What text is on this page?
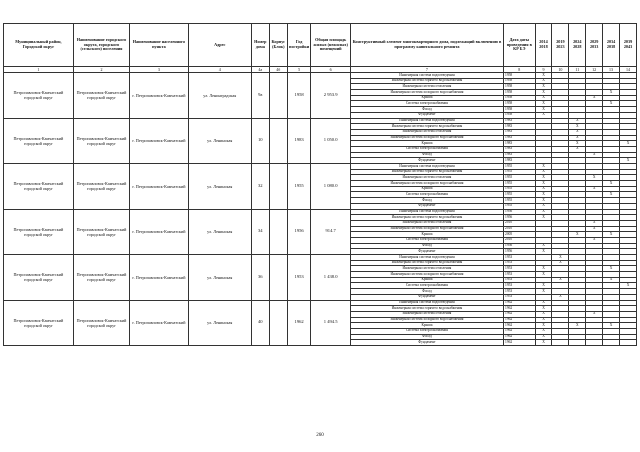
Муниципальный район, Городской округ	Наименование городского округа, городского (сельского) поселения	Наименование населенного пункта	Адрес	Номер дома	Корпус (Блок)	Год постройки	Общая площадь жилых (нежилых) помещений	Конструктивный элемент многоквартирного дома, подлежащий включению в программу капитального ремонта	Дата даты проведения в КР БЭ	2014 2018	2019 2023	2024 2028	2029 2033	2034 2038	2039 2043
1	2	3	4	4а	4б	5	6	7	8	9	10	11	12	13	14
Петропавловск-Камчатский городской округ	Петропавловск-Камчатский городской округ	г. Петропавловск-Камчатский	ул. Ленинградская	9а		1958	2 953.9	Инженерная система водоотведения	1958	X					
								Инженерная система горячего водоснабжения	1958	X					
								Инженерная система отопления	1958	X					
								Инженерная система холодного водоснабжения	1958	X				X	
								Крыша	1958	X			X		
								Система электроснабжения	1958	X				X	
								Фасад	1958	X					
								Фундамент	1958	X					
Петропавловск-Камчатский городской округ	Петропавловск-Камчатский городской округ	г. Петропавловск-Камчатский	ул. Ленинская	10		1983	1 050.0	Инженерная система водоотведения	1983			X			
								Инженерная система горячего водоснабжения	1983			X			
								Инженерная система отопления	1983			X			
								Инженерная система холодного водоснабжения	1983			X			
								Крыша	1983			X			X
								Система электроснабжения	1983			X			
								Фасад	1983				X		
								Фундамент	1983						X
Петропавловск-Камчатский городской округ	Петропавловск-Камчатский городской округ	г. Петропавловск-Камчатский	ул. Ленинская	32		1955	1 080.0	Инженерная система водоотведения	1955	X					
								Инженерная система горячего водоснабжения	1955	X					
								Инженерная система отопления	1955	X			X		
								Инженерная система холодного водоснабжения	1955	X				X	
								Крыша	1955	X			X		
								Система электроснабжения	1955	X				X	
								Фасад	1955	X					
								Фундамент	1955	X					
Петропавловск-Камчатский городской округ	Петропавловск-Камчатский городской округ	г. Петропавловск-Камчатский	ул. Ленинская	34		1956	914.7	Инженерная система водоотведения	1956	X					
								Инженерная система горячего водоснабжения	1956	X					
								Инженерная система отопления	2010				X		
								Инженерная система холодного водоснабжения	2010				X		
								Крыша	2005			X		X	
								Система электроснабжения	2010				X		
								Фасад	1956	X					
								Фундамент	1956	X					
Петропавловск-Камчатский городской округ	Петропавловск-Камчатский городской округ	г. Петропавловск-Камчатский	ул. Ленинская	36		1953	1 438.0	Инженерная система водоотведения	1953		X				
								Инженерная система горячего водоснабжения	1953		X				
								Инженерная система отопления	1953	X				X	
								Инженерная система холодного водоснабжения	1953	X					
								Крыша	1953		X			X	
								Система электроснабжения	1953	X					X
								Фасад	1953	X					
								Фундамент	1953		X				
Петропавловск-Камчатский городской округ	Петропавловск-Камчатский городской округ	г. Петропавловск-Камчатский	ул. Ленинская	40		1962	1 494.5	Инженерная система водоотведения	1962	X					
								Инженерная система горячего водоснабжения	1962	X					
								Инженерная система отопления	1962	X			X		
								Инженерная система холодного водоснабжения	1962	X					
								Крыша	1962	X		X		X	
								Система электроснабжения	1962	X					
								Фасад	1962	X					
								Фундамент	1962	X					
260
